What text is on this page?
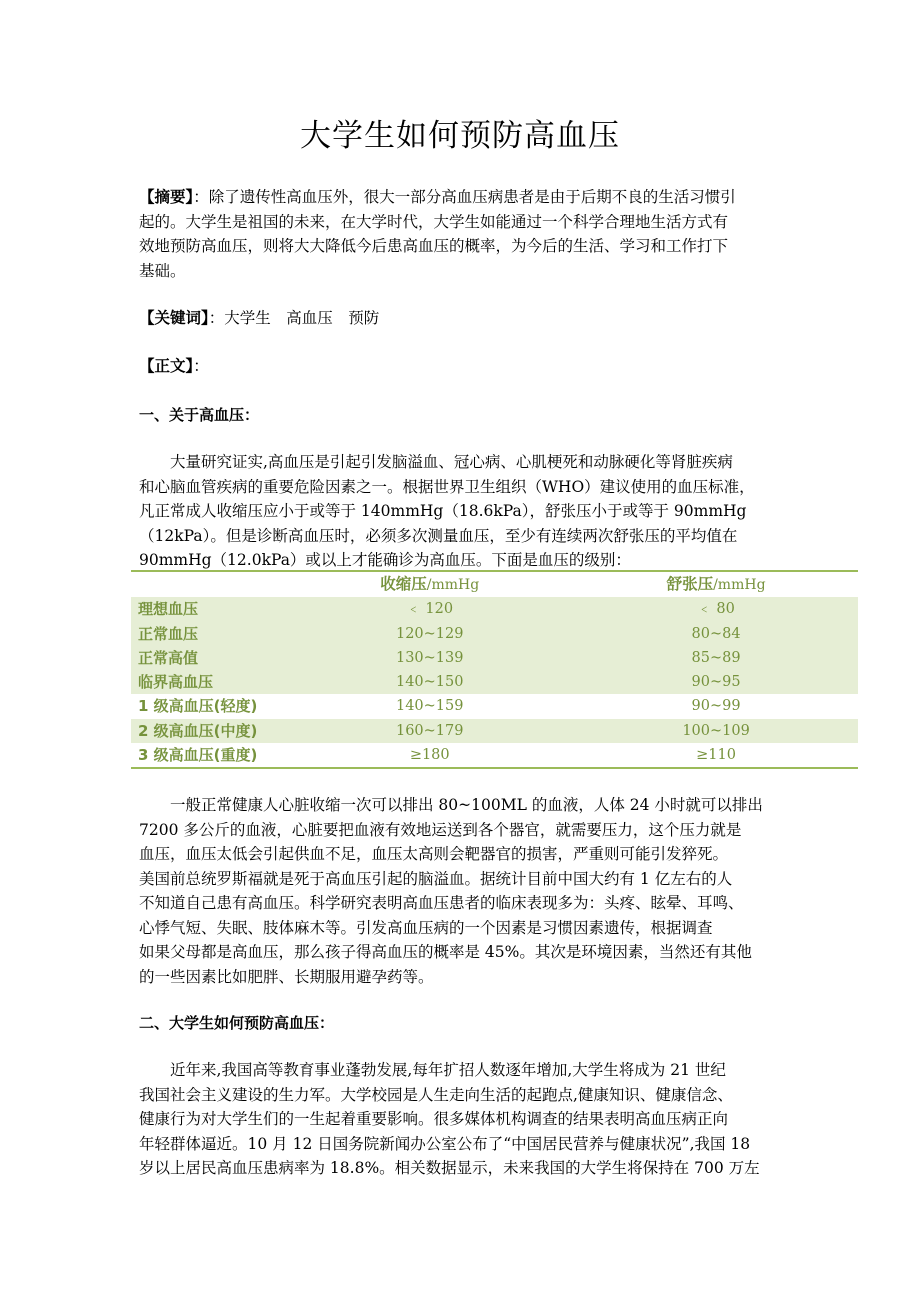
大学生如何预防高血压
【摘要】：除了遗传性高血压外，很大一部分高血压病患者是由于后期不良的生活习惯引
起的。大学生是祖国的未来，在大学时代，大学生如能通过一个科学合理地生活方式有
效地预防高血压，则将大大降低今后患高血压的概率，为今后的生活、学习和工作打下
基础。
【关键词】：大学生　高血压　预防
【正文】：
一、关于高血压：
大量研究证实,高血压是引起引发脑溢血、冠心病、心肌梗死和动脉硬化等肾脏疾病
和心脑血管疾病的重要危险因素之一。根据世界卫生组织（WHO）建议使用的血压标准，
凡正常成人收缩压应小于或等于 140mmHg（18.6kPa），舒张压小于或等于 90mmHg
（12kPa）。但是诊断高血压时，必须多次测量血压，至少有连续两次舒张压的平均值在
90mmHg（12.0kPa）或以上才能确诊为高血压。下面是血压的级别：
	收缩压/mmHg	舒张压/mmHg
理想血压	﹤ 120	﹤ 80
正常血压	120~129	80~84
正常高值	130~139	85~89
临界高血压	140~150	90~95
1 级高血压(轻度)	140~159	90~99
2 级高血压(中度)	160~179	100~109
3 级高血压(重度)	≥180	≥110
一般正常健康人心脏收缩一次可以排出 80~100ML 的血液，人体 24 小时就可以排出
7200 多公斤的血液，心脏要把血液有效地运送到各个器官，就需要压力，这个压力就是
血压，血压太低会引起供血不足，血压太高则会靶器官的损害，严重则可能引发猝死。
美国前总统罗斯福就是死于高血压引起的脑溢血。据统计目前中国大约有 1 亿左右的人
不知道自己患有高血压。科学研究表明高血压患者的临床表现多为：头疼、眩晕、耳鸣、
心悸气短、失眠、肢体麻木等。引发高血压病的一个因素是习惯因素遗传，根据调查
如果父母都是高血压，那么孩子得高血压的概率是 45%。其次是环境因素，当然还有其他
的一些因素比如肥胖、长期服用避孕药等。
二、大学生如何预防高血压：
近年来,我国高等教育事业蓬勃发展,每年扩招人数逐年增加,大学生将成为 21 世纪
我国社会主义建设的生力军。大学校园是人生走向生活的起跑点,健康知识、健康信念、
健康行为对大学生们的一生起着重要影响。很多媒体机构调查的结果表明高血压病正向
年轻群体逼近。10 月 12 日国务院新闻办公室公布了“中国居民营养与健康状况”,我国 18
岁以上居民高血压患病率为 18.8%。相关数据显示，未来我国的大学生将保持在 700 万左
